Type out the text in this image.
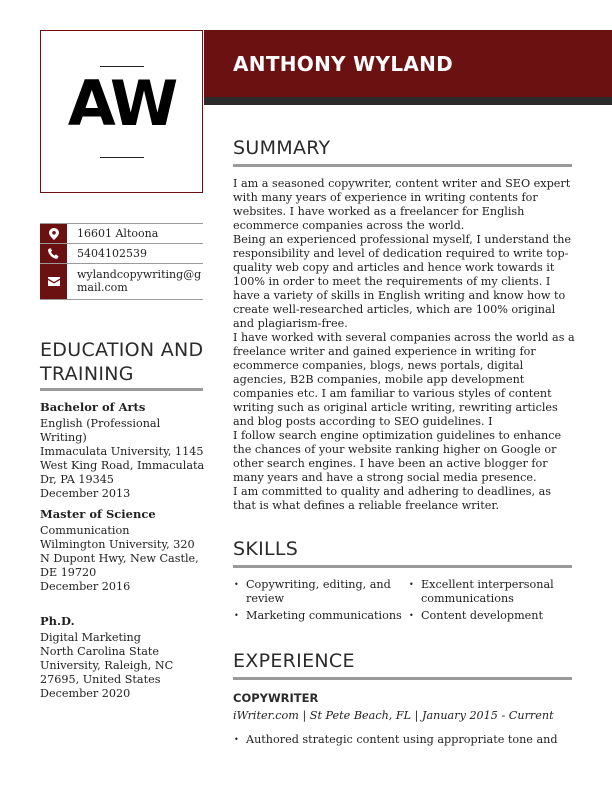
AW
ANTHONY WYLAND
16601 Altoona
5404102539
wylandcopywriting@gmail.com
EDUCATION AND TRAINING
Bachelor of Arts
English (Professional Writing)
Immaculata University, 1145 West King Road, Immaculata Dr, PA 19345
December 2013
Master of Science
Communication
Wilmington University, 320 N Dupont Hwy, New Castle, DE 19720
December 2016
Ph.D.
Digital Marketing
North Carolina State University, Raleigh, NC 27695, United States
December 2020
SUMMARY

I am a seasoned copywriter, content writer and SEO expert with many years of experience in writing contents for websites. I have worked as a freelancer for English ecommerce companies across the world.

Being an experienced professional myself, I understand the responsibility and level of dedication required to write top-quality web copy and articles and hence work towards it 100% in order to meet the requirements of my clients. I have a variety of skills in English writing and know how to create well-researched articles, which are 100% original and plagiarism-free.

I have worked with several companies across the world as a freelance writer and gained experience in writing for ecommerce companies, blogs, news portals, digital agencies, B2B companies, mobile app development companies etc. I am familiar to various styles of content writing such as original article writing, rewriting articles and blog posts according to SEO guidelines. I

I follow search engine optimization guidelines to enhance the chances of your website ranking higher on Google or other search engines. I have been an active blogger for many years and have a strong social media presence.

I am committed to quality and adhering to deadlines, as that is what defines a reliable freelance writer.

SKILLS
• Copywriting, editing, and review
• Marketing communications
• Excellent interpersonal communications
• Content development
EXPERIENCE
COPYWRITER
iWriter.com | St Pete Beach, FL | January 2015 - Current
• Authored strategic content using appropriate tone and
